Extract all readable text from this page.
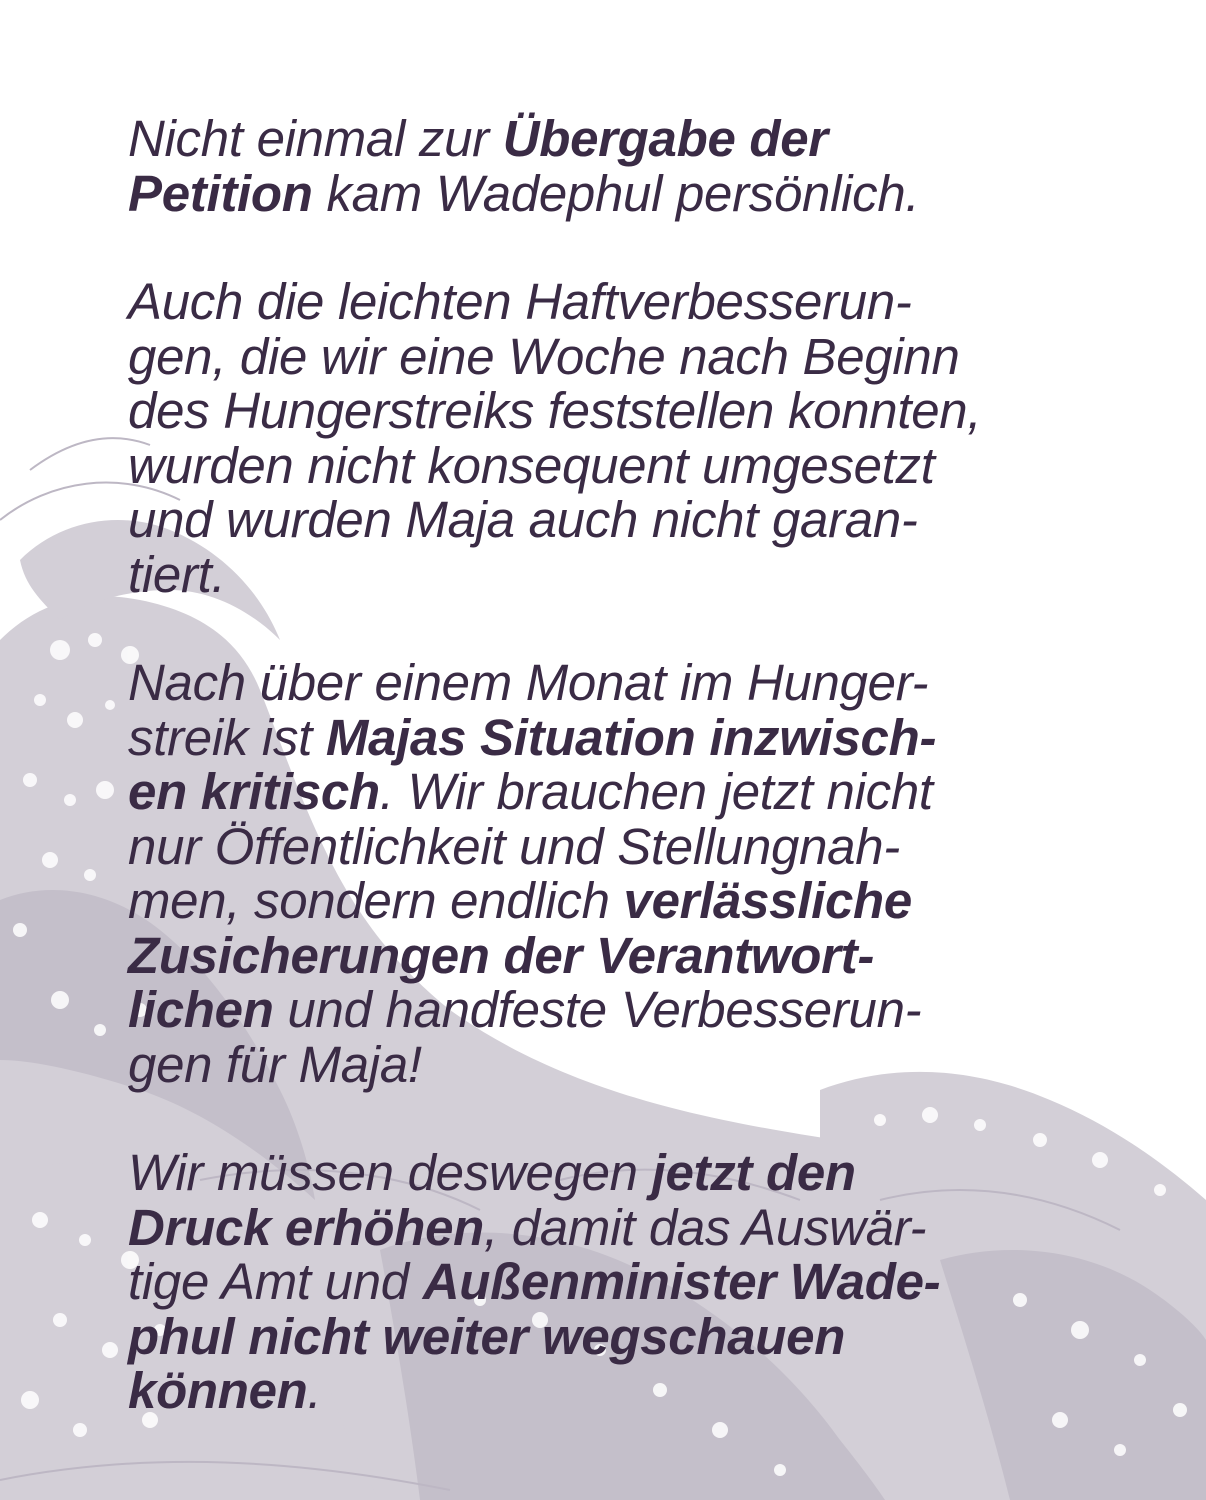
Nicht einmal zur Übergabe der
Petition kam Wadephul persönlich.

Auch die leichten Haftverbesserun-
gen, die wir eine Woche nach Beginn
des Hungerstreiks feststellen konnten,
wurden nicht konsequent umgesetzt
und wurden Maja auch nicht garan-
tiert.

Nach über einem Monat im Hunger-
streik ist Majas Situation inzwisch-
en kritisch. Wir brauchen jetzt nicht
nur Öffentlichkeit und Stellungnah-
men, sondern endlich verlässliche
Zusicherungen der Verantwort-
lichen und handfeste Verbesserun-
gen für Maja!

Wir müssen deswegen jetzt den
Druck erhöhen, damit das Auswär-
tige Amt und Außenminister Wade-
phul nicht weiter wegschauen
können.
